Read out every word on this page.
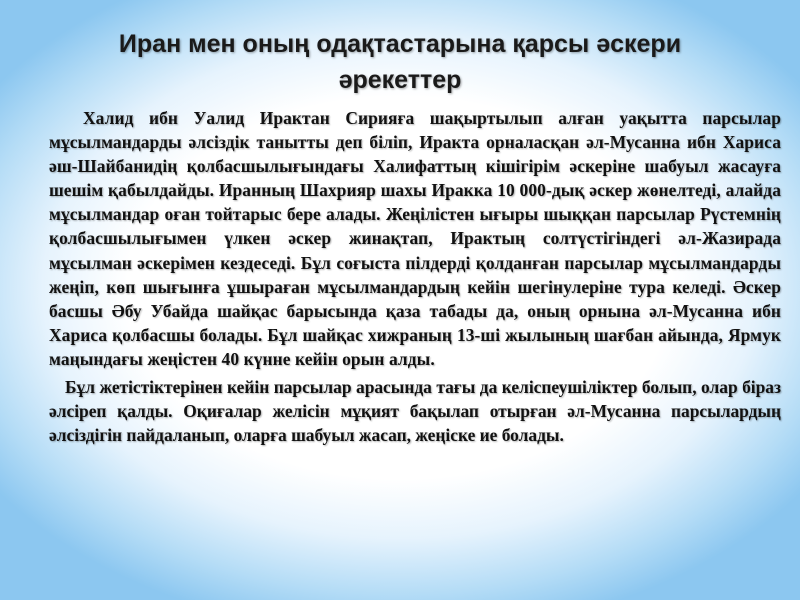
Иран мен оның одақтастарына қарсы әскери әрекеттер

Халид ибн Уалид Ирактан Сирияға шақыртылып алған уақытта парсылар мұсылмандарды әлсіздік танытты деп біліп, Иракта орналасқан әл-Мусанна ибн Хариса әш-Шайбанидің қолбасшылығындағы Халифаттың кішігірім әскеріне шабуыл жасауға шешім қабылдайды. Иранның Шахрияр шахы Иракка 10 000-дық әскер жөнелтеді, алайда мұсылмандар оған тойтарыс бере алады. Жеңілістен ығыры шыққан парсылар Рүстемнің қолбасшылығымен үлкен әскер жинақтап, Ирактың солтүстігіндегі әл-Жазирада мұсылман әскерімен кездеседі. Бұл соғыста пілдерді қолданған парсылар мұсылмандарды жеңіп, көп шығынға ұшыраған мұсылмандардың кейін шегінулеріне тура келеді. Әскер басшы Әбу Убайда шайқас барысында қаза табады да, оның орнына әл-Мусанна ибн Хариса қолбасшы болады. Бұл шайқас хижраның 13-ші жылының шағбан айында, Ярмук маңындағы жеңістен 40 күнне кейін орын алды.

Бұл жетістіктерінен кейін парсылар арасында тағы да келіспеушіліктер болып, олар біраз әлсіреп қалды. Оқиғалар желісін мұқият бақылап отырған әл-Мусанна парсылардың әлсіздігін пайдаланып, оларға шабуыл жасап, жеңіске ие болады.
